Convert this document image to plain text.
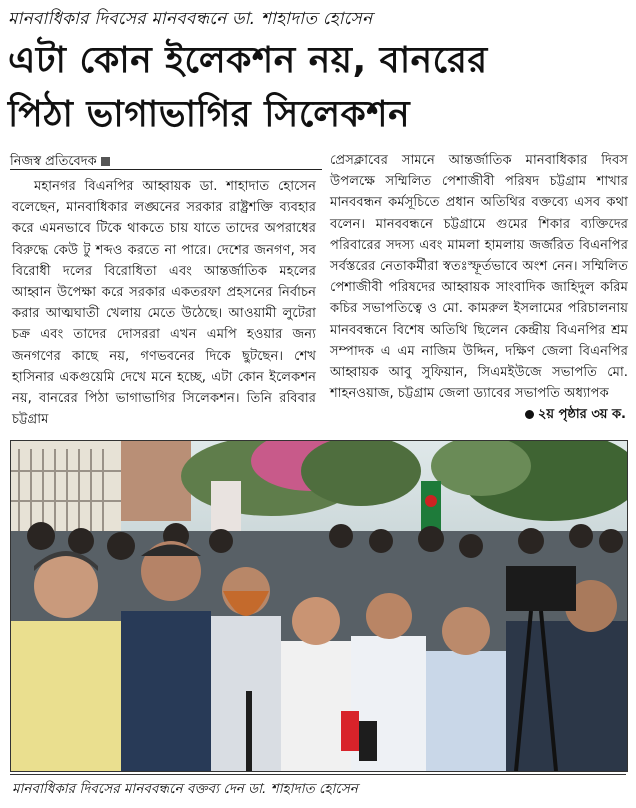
মানবাধিকার দিবসের মানববন্ধনে ডা. শাহাদাত হোসেন
এটা কোন ইলেকশন নয়, বানরের
পিঠা ভাগাভাগির সিলেকশন
নিজস্ব প্রতিবেদক

মহানগর বিএনপির আহ্বায়ক ডা. শাহাদাত হোসেন বলেছেন, মানবাধিকার লঙ্ঘনের সরকার রাষ্ট্রশক্তি ব্যবহার করে এমনভাবে টিকে থাকতে চায় যাতে তাদের অপরাধের বিরুদ্ধে কেউ টু শব্দও করতে না পারে। দেশের জনগণ, সব বিরোধী দলের বিরোধিতা এবং আন্তর্জাতিক মহলের আহ্বান উপেক্ষা করে সরকার একতরফা প্রহসনের নির্বাচন করার আত্মঘাতী খেলায় মেতে উঠেছে। আওয়ামী লুটেরা চক্র এবং তাদের দোসররা এখন এমপি হওয়ার জন্য জনগণের কাছে নয়, গণভবনের দিকে ছুটছেন। শেখ হাসিনার একগুয়েমি দেখে মনে হচ্ছে, এটা কোন ইলেকশন নয়, বানরের পিঠা ভাগাভাগির সিলেকশন। তিনি রবিবার চট্টগ্রাম

প্রেসক্লাবের সামনে আন্তর্জাতিক মানবাধিকার দিবস উপলক্ষে সম্মিলিত পেশাজীবী পরিষদ চট্টগ্রাম শাখার মানববন্ধন কর্মসূচিতে প্রধান অতিথির বক্তব্যে এসব কথা বলেন। মানববন্ধনে চট্টগ্রামে গুমের শিকার ব্যক্তিদের পরিবারের সদস্য এবং মামলা হামলায় জর্জরিত বিএনপির সর্বস্তরের নেতাকর্মীরা স্বতঃস্ফূর্তভাবে অংশ নেন। সম্মিলিত পেশাজীবী পরিষদের আহ্বায়ক সাংবাদিক জাহিদুল করিম কচির সভাপতিত্বে ও মো. কামরুল ইসলামের পরিচালনায় মানববন্ধনে বিশেষ অতিথি ছিলেন কেন্দ্রীয় বিএনপির শ্রম সম্পাদক এ এম নাজিম উদ্দিন, দক্ষিণ জেলা বিএনপির আহ্বায়ক আবু সুফিয়ান, সিএমইউজে সভাপতি মো. শাহনওয়াজ, চট্টগ্রাম জেলা ড্যাবের সভাপতি অধ্যাপক

২য় পৃষ্ঠার ৩য় ক.
মানবাধিকার দিবসের মানববন্ধনে বক্তব্য দেন ডা. শাহাদাত হোসেন
